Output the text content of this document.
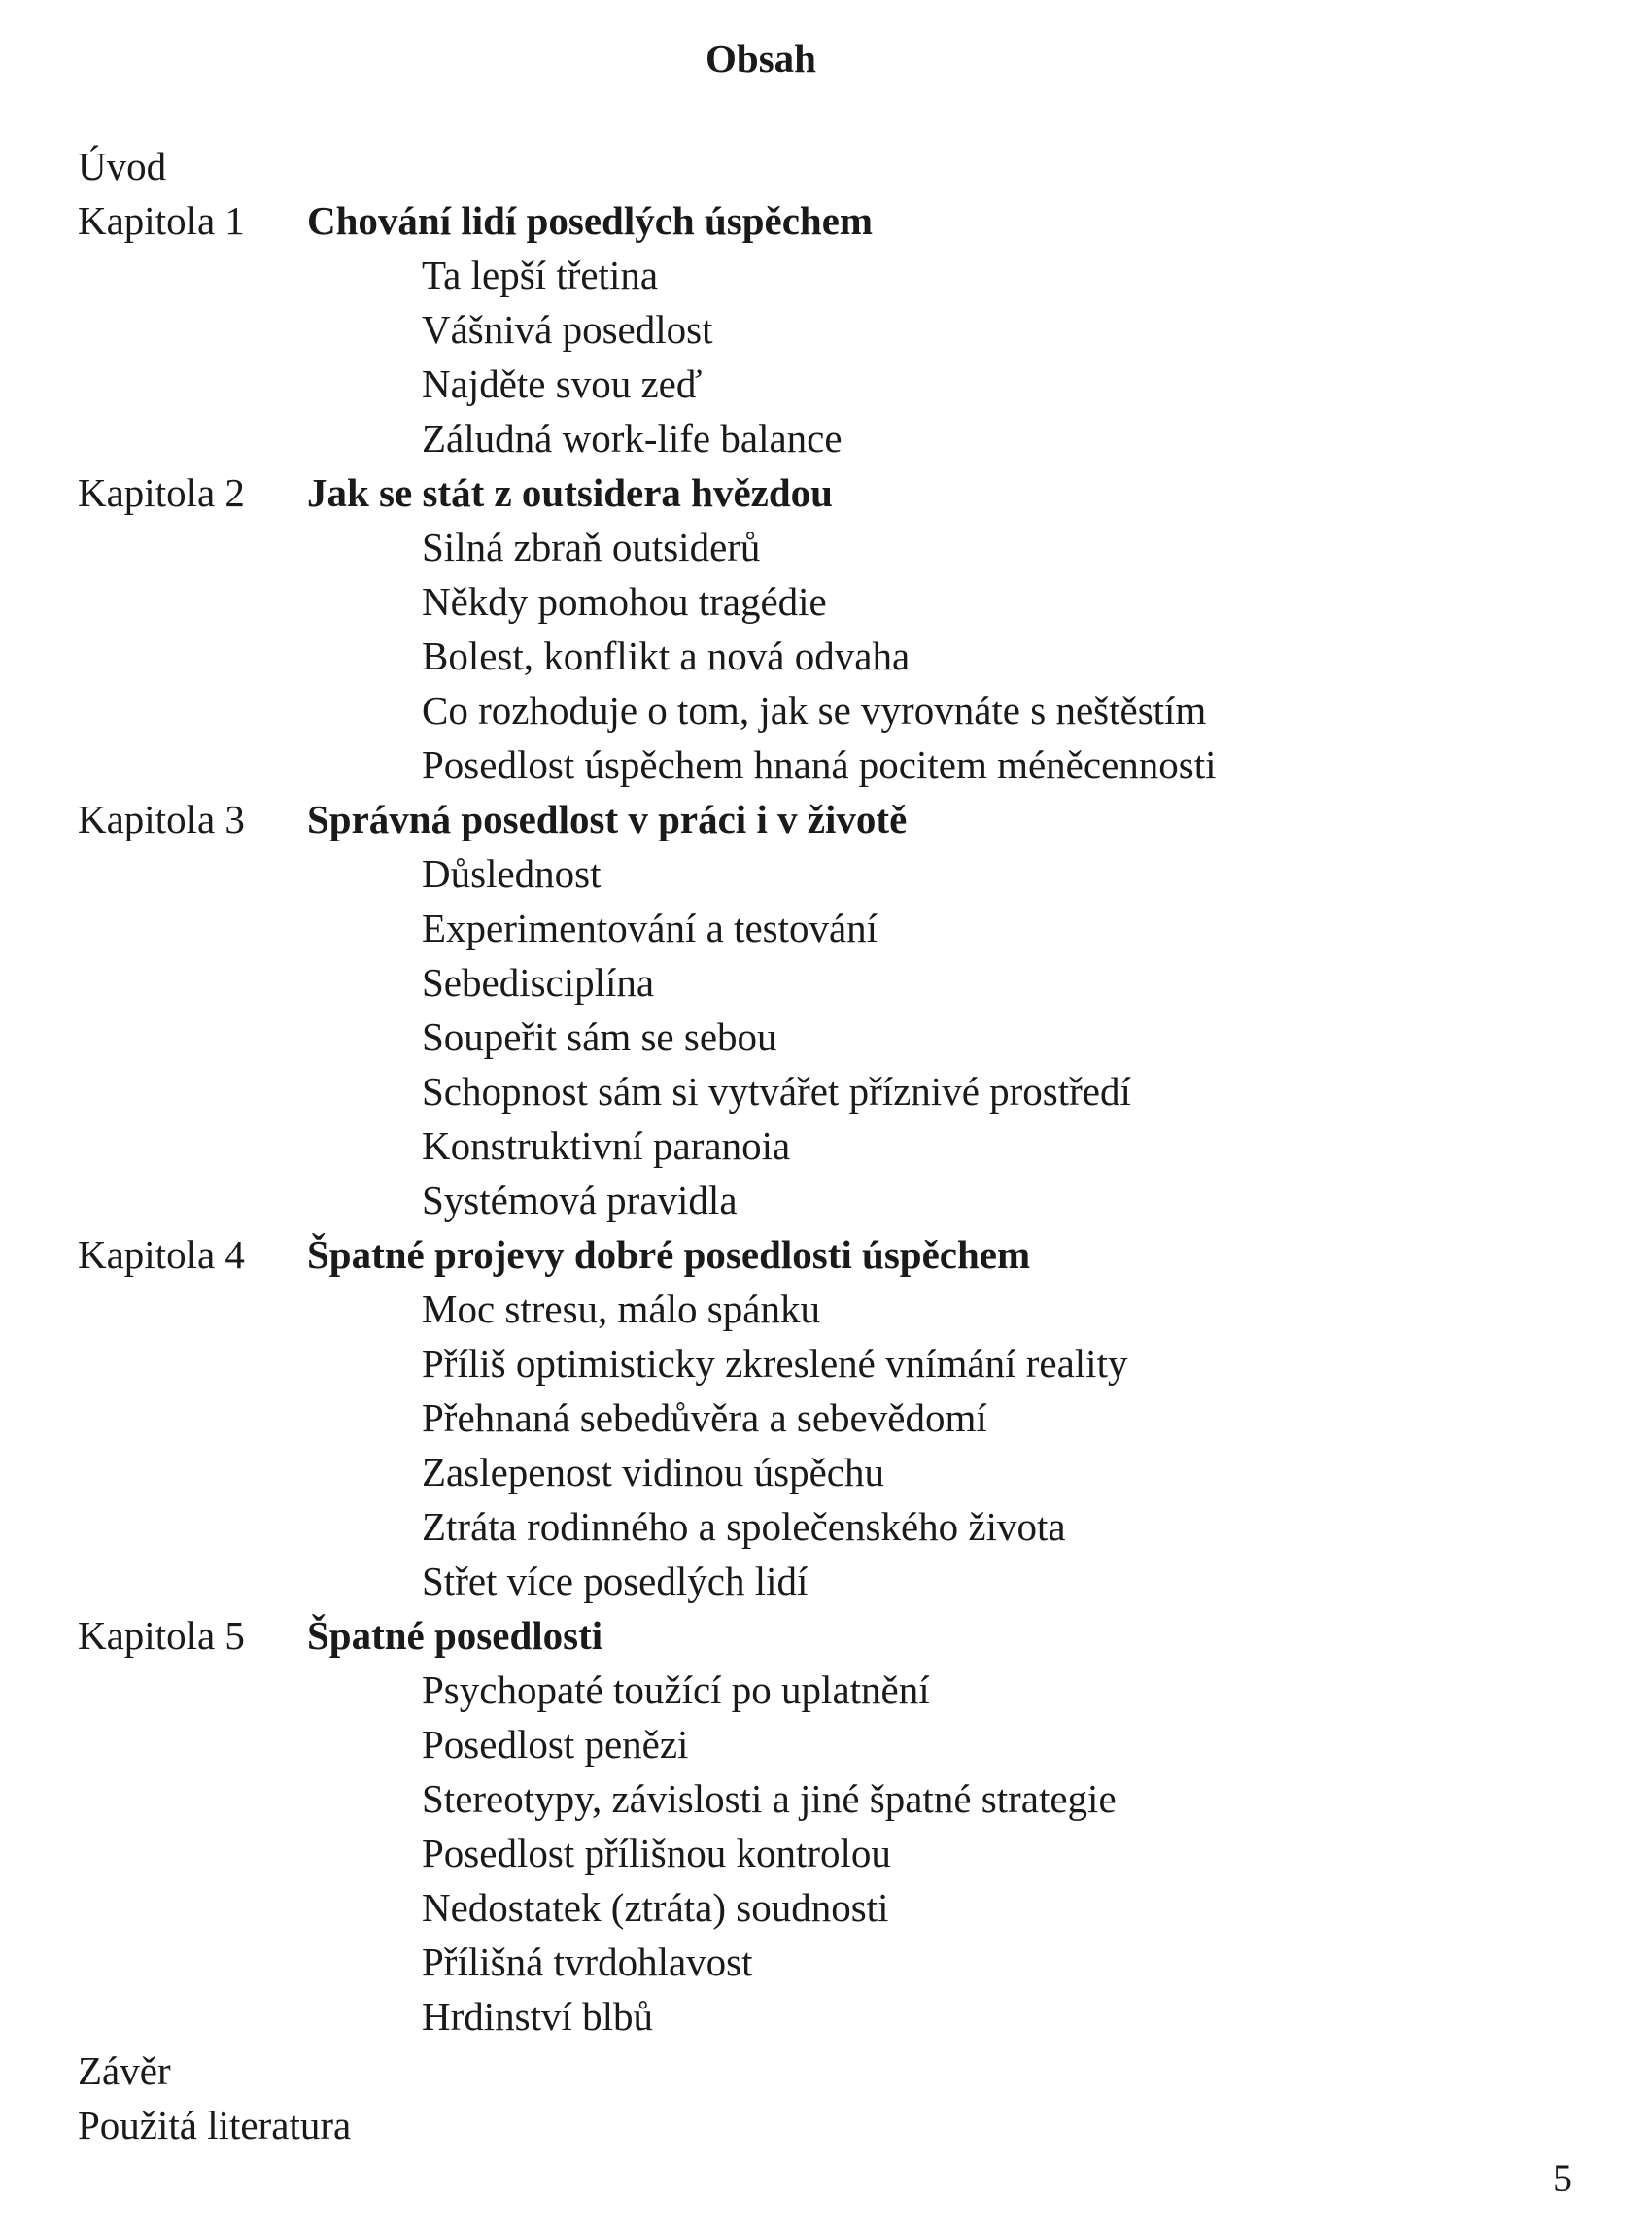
Obsah
Úvod
Kapitola 1 Chování lidí posedlých úspěchem
Ta lepší třetina
Vášnivá posedlost
Najděte svou zeď
Záludná work-life balance
Kapitola 2 Jak se stát z outsidera hvězdou
Silná zbraň outsiderů
Někdy pomohou tragédie
Bolest, konflikt a nová odvaha
Co rozhoduje o tom, jak se vyrovnáte s neštěstím
Posedlost úspěchem hnaná pocitem méněcennosti
Kapitola 3 Správná posedlost v práci i v životě
Důslednost
Experimentování a testování
Sebedisciplína
Soupeřit sám se sebou
Schopnost sám si vytvářet příznivé prostředí
Konstruktivní paranoia
Systémová pravidla
Kapitola 4 Špatné projevy dobré posedlosti úspěchem
Moc stresu, málo spánku
Příliš optimisticky zkreslené vnímání reality
Přehnaná sebedůvěra a sebevědomí
Zaslepenost vidinou úspěchu
Ztráta rodinného a společenského života
Střet více posedlých lidí
Kapitola 5 Špatné posedlosti
Psychopaté toužící po uplatnění
Posedlost penězi
Stereotypy, závislosti a jiné špatné strategie
Posedlost přílišnou kontrolou
Nedostatek (ztráta) soudnosti
Přílišná tvrdohlavost
Hrdinství blbů
Závěr
Použitá literatura
5
